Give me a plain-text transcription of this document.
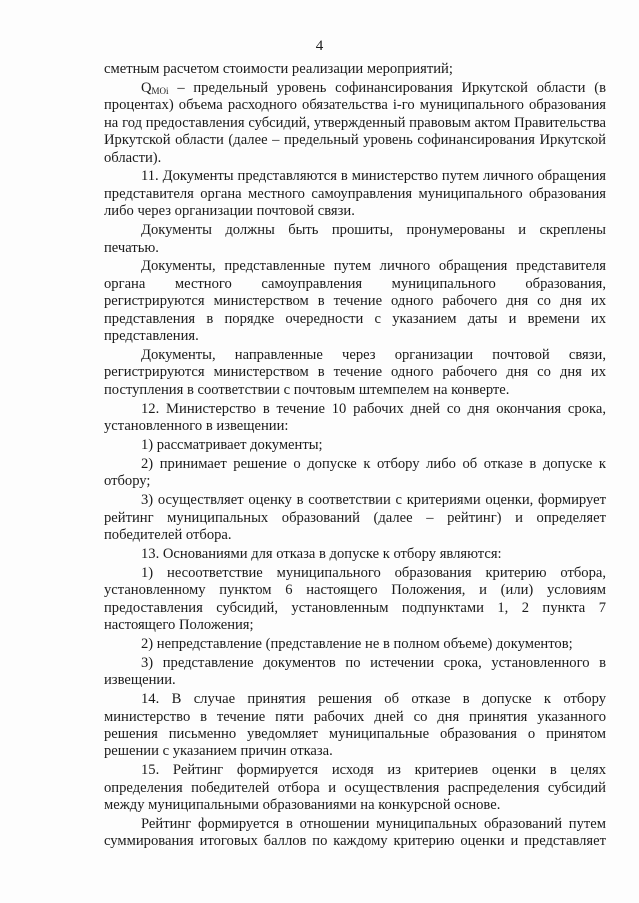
4

сметным расчетом стоимости реализации мероприятий;

$Q_{MOi}$ – предельный уровень софинансирования Иркутской области (в процентах) объема расходного обязательства i-го муниципального образования на год предоставления субсидий, утвержденный правовым актом Правительства Иркутской области (далее – предельный уровень софинансирования Иркутской области).

11. Документы представляются в министерство путем личного обращения представителя органа местного самоуправления муниципального образования либо через организации почтовой связи.

Документы должны быть прошиты, пронумерованы и скреплены печатью.

Документы, представленные путем личного обращения представителя органа местного самоуправления муниципального образования, регистрируются министерством в течение одного рабочего дня со дня их представления в порядке очередности с указанием даты и времени их представления.

Документы, направленные через организации почтовой связи, регистрируются министерством в течение одного рабочего дня со дня их поступления в соответствии с почтовым штемпелем на конверте.

12. Министерство в течение 10 рабочих дней со дня окончания срока, установленного в извещении:

1) рассматривает документы;

2) принимает решение о допуске к отбору либо об отказе в допуске к отбору;

3) осуществляет оценку в соответствии с критериями оценки, формирует рейтинг муниципальных образований (далее – рейтинг) и определяет победителей отбора.

13. Основаниями для отказа в допуске к отбору являются:

1) несоответствие муниципального образования критерию отбора, установленному пунктом 6 настоящего Положения, и (или) условиям предоставления субсидий, установленным подпунктами 1, 2 пункта 7 настоящего Положения;

2) непредставление (представление не в полном объеме) документов;

3) представление документов по истечении срока, установленного в извещении.

14. В случае принятия решения об отказе в допуске к отбору министерство в течение пяти рабочих дней со дня принятия указанного решения письменно уведомляет муниципальные образования о принятом решении с указанием причин отказа.

15. Рейтинг формируется исходя из критериев оценки в целях определения победителей отбора и осуществления распределения субсидий между муниципальными образованиями на конкурсной основе.

Рейтинг формируется в отношении муниципальных образований путем суммирования итоговых баллов по каждому критерию оценки и представляет
